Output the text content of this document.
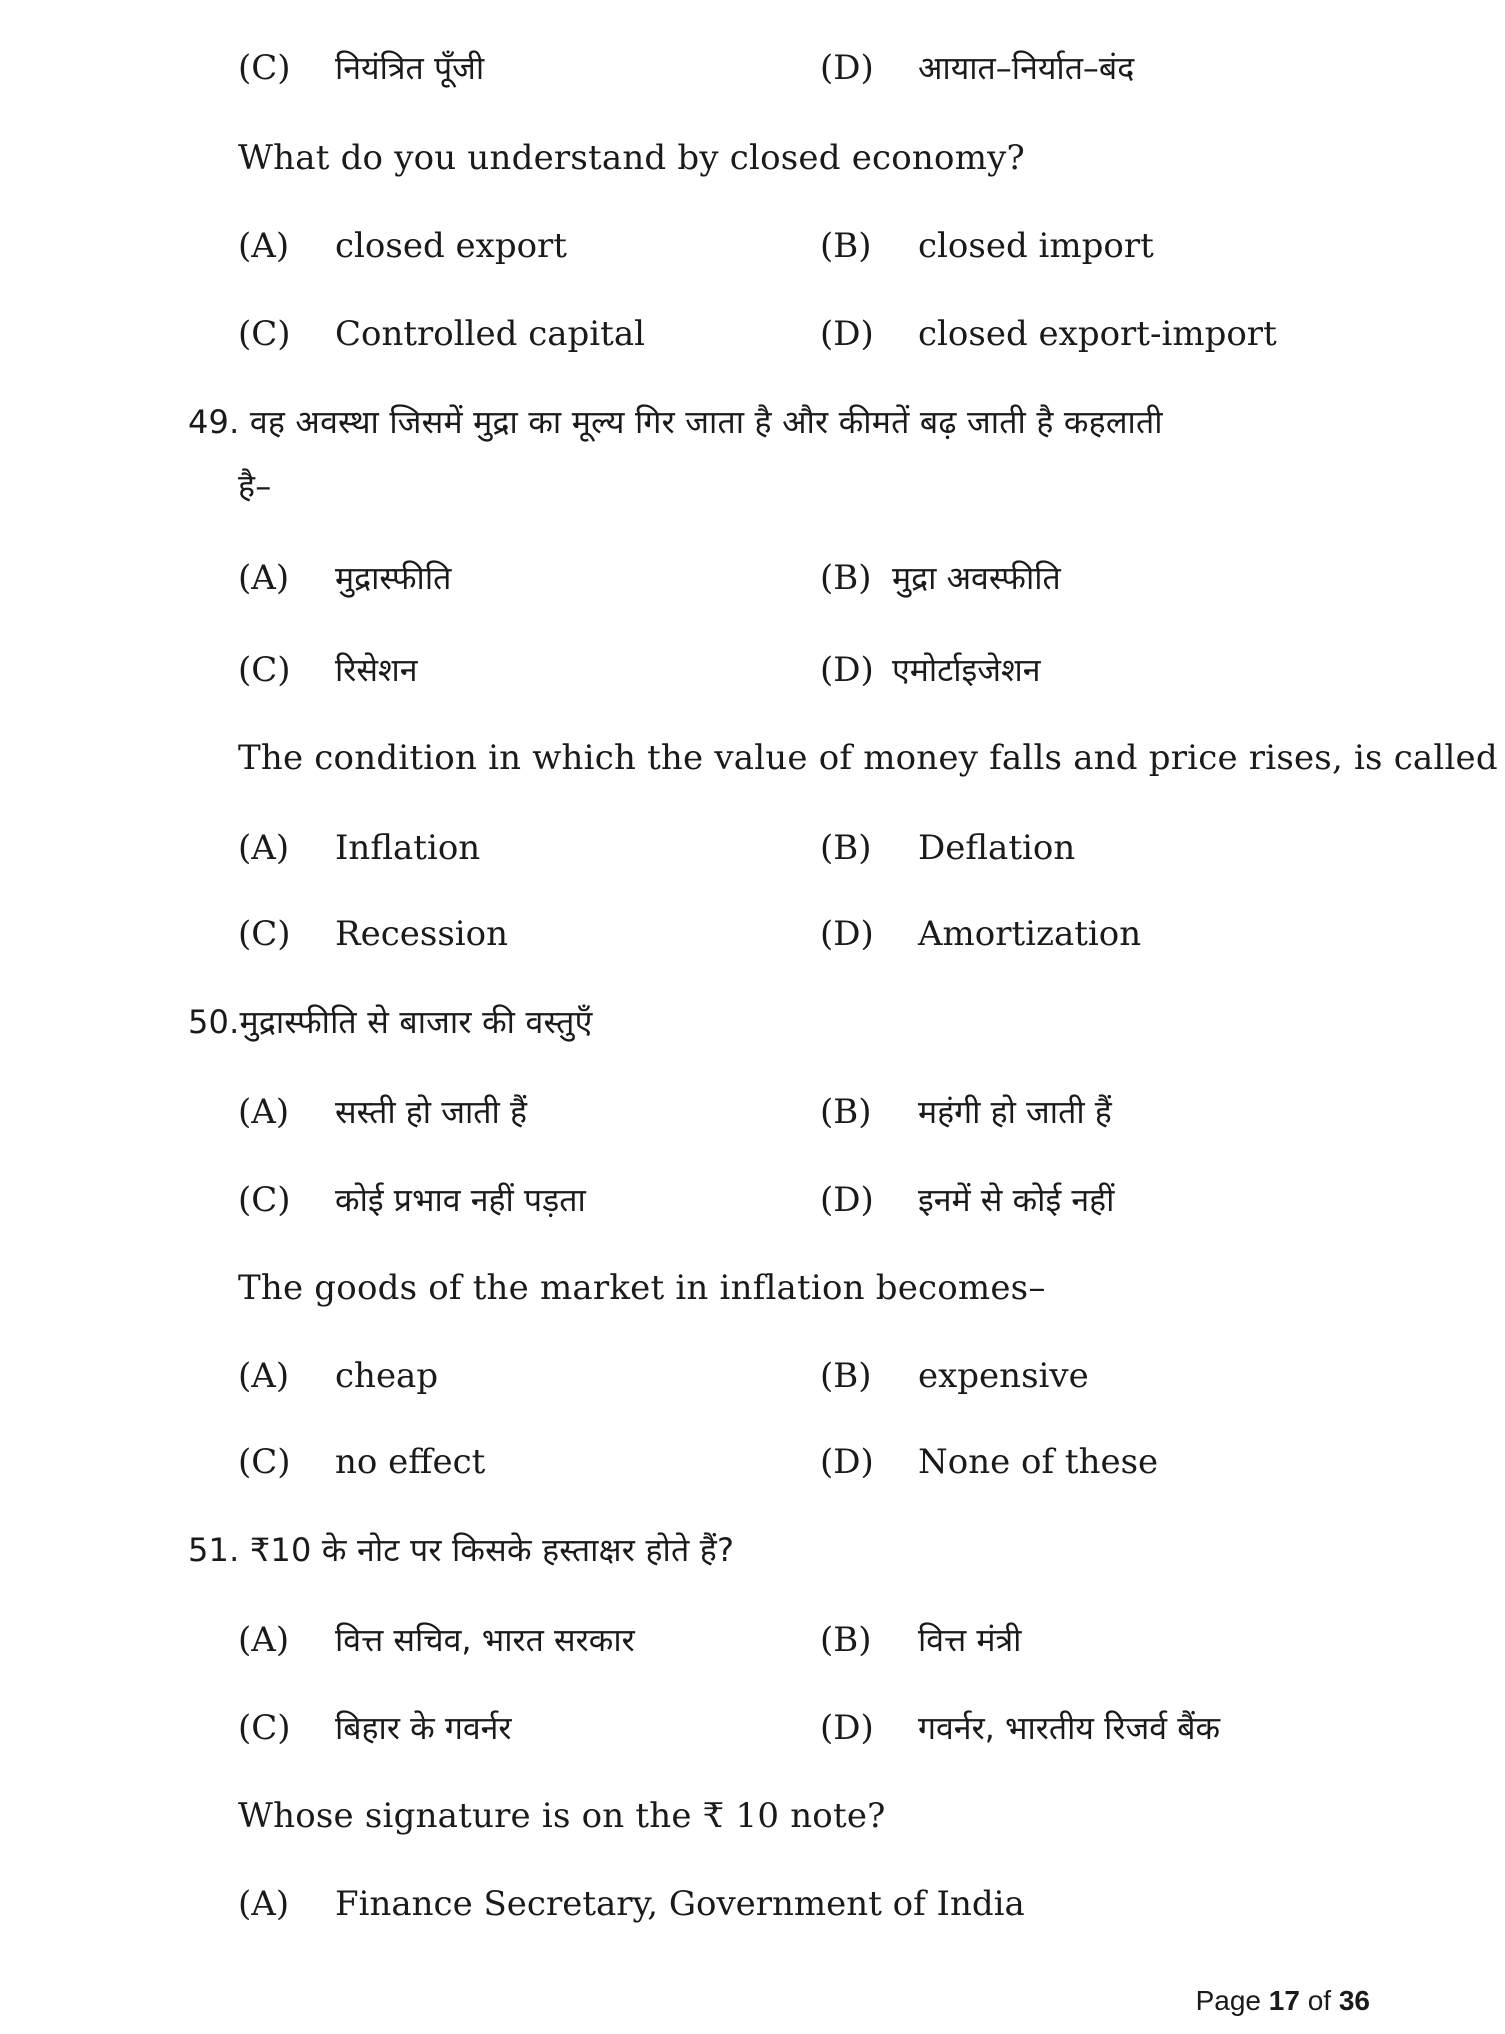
(C) नियंत्रित पूँजी	(D) आयात–निर्यात–बंद
What do you understand by closed economy?
(A) closed export	(B) closed import
(C) Controlled capital	(D) closed export-import
49. वह अवस्था जिसमें मुद्रा का मूल्य गिर जाता है और कीमतें बढ़ जाती है कहलाती
है–
(A) मुद्रास्फीति	(B) मुद्रा अवस्फीति
(C) रिसेशन	(D) एमोर्टाइजेशन
The condition in which the value of money falls and price rises, is called
(A) Inflation	(B) Deflation
(C) Recession	(D) Amortization
50.मुद्रास्फीति से बाजार की वस्तुएँ
(A) सस्ती हो जाती हैं	(B) महंगी हो जाती हैं
(C) कोई प्रभाव नहीं पड़ता	(D) इनमें से कोई नहीं
The goods of the market in inflation becomes–
(A) cheap	(B) expensive
(C) no effect	(D) None of these
51. ₹10 के नोट पर किसके हस्ताक्षर होते हैं?
(A) वित्त सचिव, भारत सरकार	(B) वित्त मंत्री
(C) बिहार के गवर्नर	(D) गवर्नर, भारतीय रिजर्व बैंक
Whose signature is on the ₹ 10 note?
(A) Finance Secretary, Government of India
Page 17 of 36
